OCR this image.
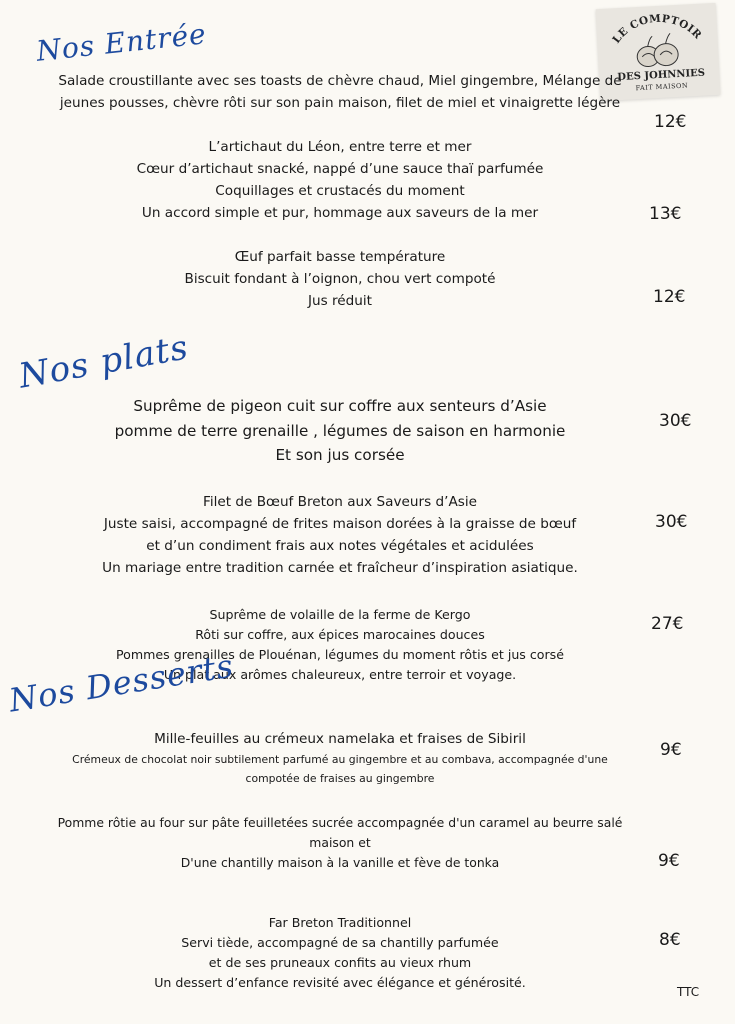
LE COMPTOIR
DES JOHNNIES
FAIT MAISON
Nos Entrée
Salade croustillante avec ses toasts de chèvre chaud, Miel gingembre, Mélange de
jeunes pousses, chèvre rôti sur son pain maison, filet de miel et vinaigrette légère
12€
L’artichaut du Léon, entre terre et mer
Cœur d’artichaut snacké, nappé d’une sauce thaï parfumée
Coquillages et crustacés du moment
Un accord simple et pur, hommage aux saveurs de la mer	13€
Œuf parfait basse température
Biscuit fondant à l’oignon, chou vert compoté
Jus réduit	12€
Nos plats
Suprême de pigeon cuit sur coffre aux senteurs d’Asie
pomme de terre grenaille , légumes de saison en harmonie
Et son jus corsée
30€
Filet de Bœuf Breton aux Saveurs d’Asie
Juste saisi, accompagné de frites maison dorées à la graisse de bœuf
et d’un condiment frais aux notes végétales et acidulées
Un mariage entre tradition carnée et fraîcheur d’inspiration asiatique.
30€
Suprême de volaille de la ferme de Kergo
Rôti sur coffre, aux épices marocaines douces
Pommes grenailles de Plouénan, légumes du moment rôtis et jus corsé
Un plat aux arômes chaleureux, entre terroir et voyage.
27€
Nos Desserts
Mille-feuilles au crémeux namelaka et fraises de Sibiril
Crémeux de chocolat noir subtilement parfumé au gingembre et au combava, accompagnée d'une
compotée de fraises au gingembre
9€
Pomme rôtie au four sur pâte feuilletées sucrée accompagnée d'un caramel au beurre salé
maison et
D'une chantilly maison à la vanille et fève de tonka	9€
Far Breton Traditionnel
Servi tiède, accompagné de sa chantilly parfumée
et de ses pruneaux confits au vieux rhum
Un dessert d’enfance revisité avec élégance et générosité.
8€
TTC
